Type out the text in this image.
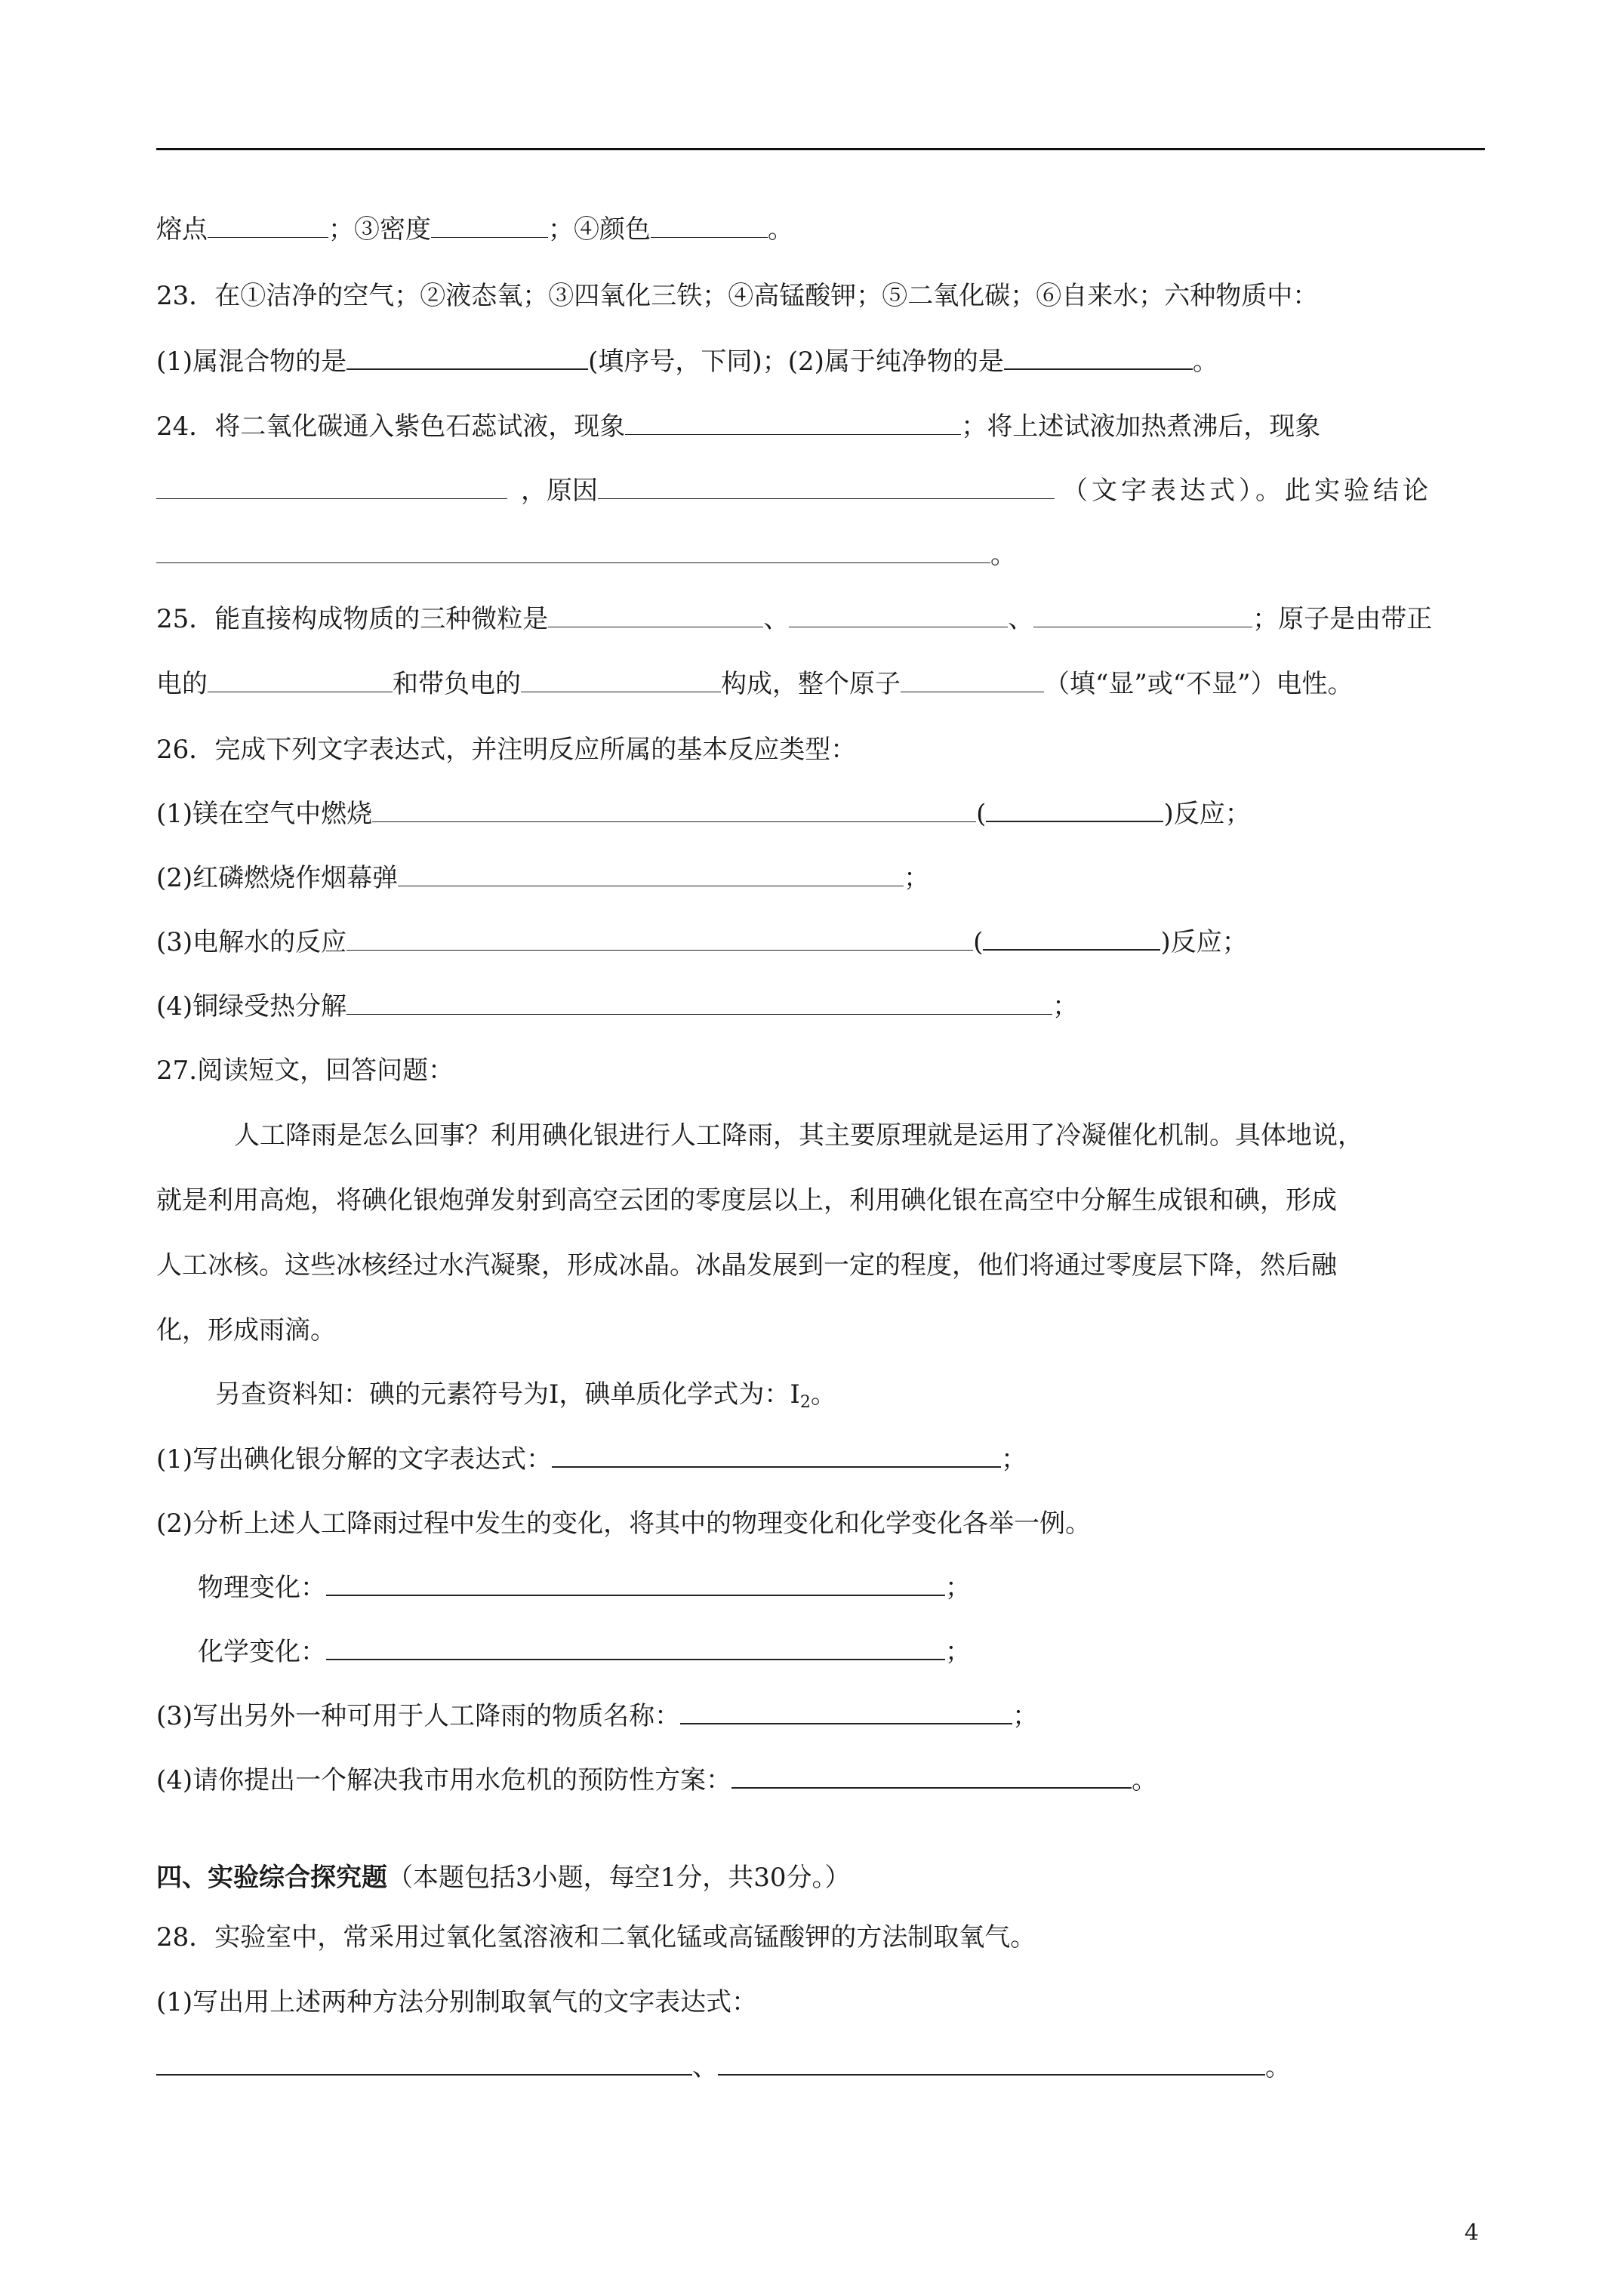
熔点	；③密度	；④颜色	。
23．在①洁净的空气；②液态氧；③四氧化三铁；④高锰酸钾；⑤二氧化碳；⑥自来水；六种物质中：
(1)属混合物的是	(填序号，下同)；(2)属于纯净物的是	。
24．将二氧化碳通入紫色石蕊试液，现象	；将上述试液加热煮沸后，现象
，原因	（文字表达式）。此实验结论
。
25．能直接构成物质的三种微粒是	、	、	；原子是由带正
电的	和带负电的	构成，整个原子	（填“显”或“不显”）电性。
26．完成下列文字表达式，并注明反应所属的基本反应类型：
(1)镁在空气中燃烧	(	)反应；
(2)红磷燃烧作烟幕弹	；
(3)电解水的反应	(	)反应；
(4)铜绿受热分解	；
27.阅读短文，回答问题：
人工降雨是怎么回事？利用碘化银进行人工降雨，其主要原理就是运用了冷凝催化机制。具体地说，
就是利用高炮，将碘化银炮弹发射到高空云团的零度层以上，利用碘化银在高空中分解生成银和碘，形成
人工冰核。这些冰核经过水汽凝聚，形成冰晶。冰晶发展到一定的程度，他们将通过零度层下降，然后融
化，形成雨滴。
另查资料知：碘的元素符号为I，碘单质化学式为：$I_2$。
(1)写出碘化银分解的文字表达式：	；
(2)分析上述人工降雨过程中发生的变化，将其中的物理变化和化学变化各举一例。
物理变化：	；
化学变化：	；
(3)写出另外一种可用于人工降雨的物质名称：	；
(4)请你提出一个解决我市用水危机的预防性方案：	。
四、实验综合探究题（本题包括3小题，每空1分，共30分。）
28．实验室中，常采用过氧化氢溶液和二氧化锰或高锰酸钾的方法制取氧气。
(1)写出用上述两种方法分别制取氧气的文字表达式：
、	。
4
